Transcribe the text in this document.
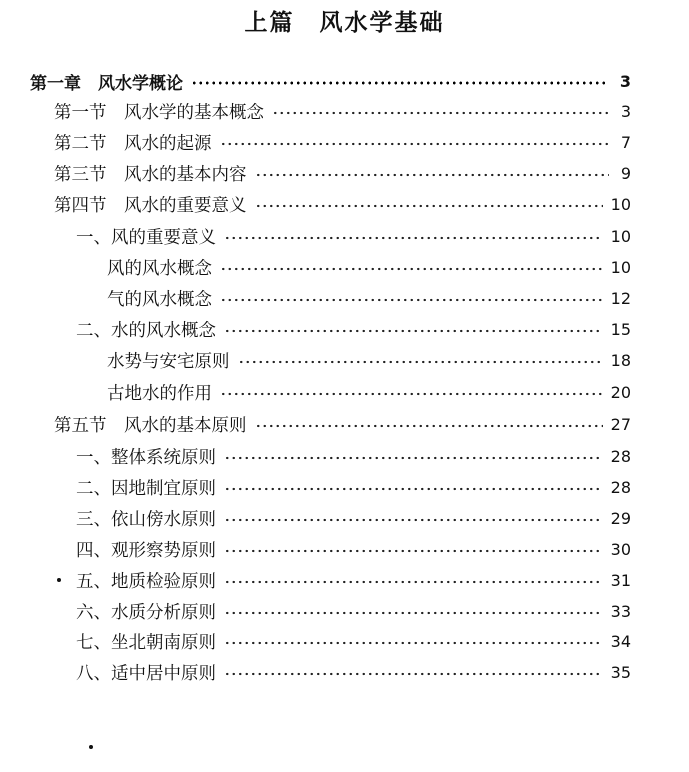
上篇　风水学基础
第一章　风水学概论	3
第一节　风水学的基本概念	3
第二节　风水的起源	7
第三节　风水的基本内容	9
第四节　风水的重要意义	10
一、风的重要意义	10
风的风水概念	10
气的风水概念	12
二、水的风水概念	15
水势与安宅原则	18
古地水的作用	20
第五节　风水的基本原则	27
一、整体系统原则	28
二、因地制宜原则	28
三、依山傍水原则	29
四、观形察势原则	30
五、地质检验原则	31
六、水质分析原则	33
七、坐北朝南原则	34
八、适中居中原则	35
